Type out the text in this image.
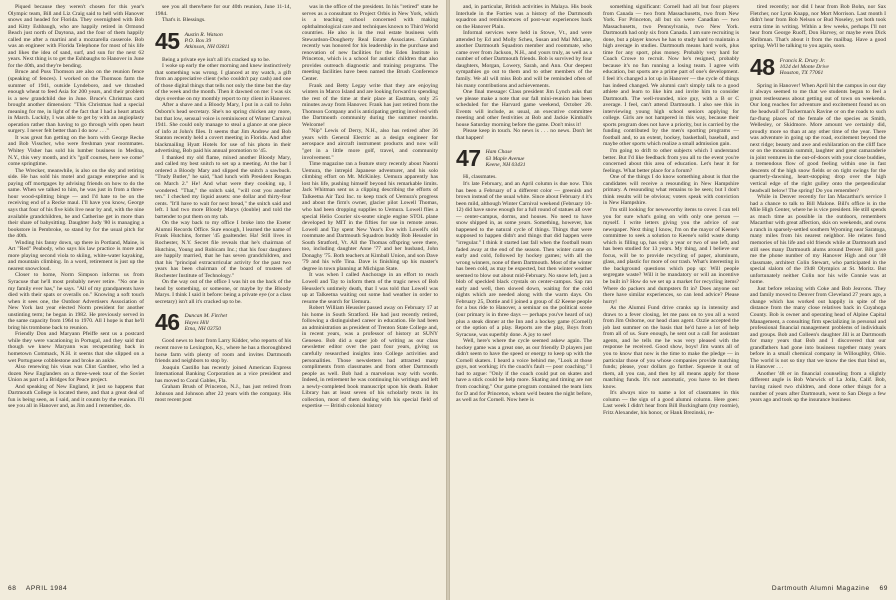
Piqued because they weren't chosen for this year's Olympic team, Bill and Liz Craig said to hell with Hanover snows and headed for Florida. They overnighted with Bob and Kitty Eshbaugh, who are happily retired in Ormond Beach just north of Daytona, and the four of them happily called me after a martini and a mozzarella casserole. Bob was an engineer with Florida Telephone for most of his life and likes the idea of sand, surf, and sun for the next 62 years. Next thing is to get the Eshbaughs to Hanover in June for the 40th, and they're bending.

Bruce and Puss Thomson are also on the reunion fence (speaking of fences). I worked on the Thomson farm the summer of 1941, outside Lyndeboro, and we thrashed enough wheat to feed Asia for 200 years, and their problem is a new grandchild due in June. Bruce's Christmas card brought another dimension: "This Christmas had a special meaning for me, in light of the fact that I had a heart attack in March. Luckily, I was able to get by with an angioplasty operation rather than having to go through with open heart surgery. I never felt better than I do now . . ."

It was great fun getting on the horn with George Recke and Bob Visscher, who were freshman year roommates. Whitey Visher has sold his lumber business in Medina, N.Y., this very month, and it's "golf courses, here we come" come springtime.

The Wrecker, meanwhile, is also on the sky and retiring side. He has sold his motel and garage enterprise and is paying off mortgages by advising friends on how to do the same. When we talked to him, he was just in from a three-hour wood-splitting binge — and I'd hate to be on the receiving end of a Recke maul. I'll have you know, George says that four of his five kids live near by and, with the nine available grandchildren, he and Catherine get in more than their share of babysitting. Daughter Judy '80 is managing a bookstore in Pembroke, so stand by for the usual pitch for the 40th.

Winding his fanny down, up there in Portland, Maine, is Art "Red" Peabody, who says his law practice is more and more playing second viola to skiing, white-water kayaking, and mountain climbing. In a word, retirement is just up the nearest snowcloud.

Closer to home, Norm Simpson informs us from Syracuse that he'll most probably never retire. "No one in my family ever has," he says. "All of my grandparents have died with their spats or overalls on." Knowing a soft touch when it sees one, the Outdoor Advertisers Association of New York last year elected Norm president for another unstinting term; he began in 1982. He previously served in the same capacity from 1964 to 1970. All I hope is that he'll bring his trombone back to reunion.

Friendly Don and Maryann Pfeiffe sent us a postcard while they were vacationing in Portugal, and they said that though we knew Maryann was recuperating back in hometown Commack, N.H. it seems that she slipped on a wet Portuguese cobblestone and broke an ankle.

Also renewing his visas was Clint Gardner, who led a dozen New Englanders on a three-week tour of the Soviet Union as part of a Bridges for Peace project.

And speaking of New England, it just so happens that Dartmouth College is located there, and that a great deal of fun is being seen, as I said, and it counts by the reunion. I'll see you all in Hanover and, as Jim and I remember, do.

see you all there/here for our 40th reunion, June 11-14, 1984.

That's it. Blessings.

45 Austin R. Watson
P.O. Box 39
Atkinson, NH 03811

Being a private eye isn't all it's cracked up to be.

I woke up early the other morning and knew instinctively that something was wrong. I glanced at my watch, a gift from an appreciative client (who couldn't pay cash) and one of those digital things that tells not only the time but the day of the week and the month. Then it dawned on me: I was six days overdue on my monthly report to my client in Hanover.

After a shave and a Bloody Mary, I put in a call to John Osborn's head secretary. She's no spring chicken any more, but that low, sensual voice is reminiscent of Winter Carnival 1941. She could only manage to steal a glance at one piece of info at John's files. It seems that Jim Andrew and Bob Stanton recently held a covert meeting in Florida. And after blackmailing Hyatt Hotels for use of his photo in their advertising, Bob paid his annual promotion to '45.

I thanked my old flame, mixed another Bloody Mary, and called my best snitch to set up a meeting. At the bar I ordered a Bloody Mary and slipped the snitch a sawbuck. "Trudy Butler," he said, "had lunch with President Reagan on March 2." He! And what were they cooking up, I wondered. "That," the snitch said, "will cost you another ten." I checked my liquid assets: one dollar and thirty-four cents. "It'll have to wait for next bread," the snitch said and left. I had two more Bloody Marys (double) and told the bartender to put them on my tab.

On the way back to my office I broke into the Exeter Alumni Records Office. Sure enough, I learned the name of Frank Hutchins, former '45 goaltender. Ha! Still lives in Rochester, N.Y. Secret file reveals that he's chairman of Hutchins, Young and Rubicam Inc.; that his four daughters are happily married, that he has seven grandchildren, and that his "principal extracurricular activity for the past two years has been chairman of the board of trustees of Rochester Institute of Technology."

On the way out of the office I was hit on the back of the head by something, or someone, or maybe by the Bloody Marys. I think I said it before: being a private eye (or a class secretary) isn't all it's cracked up to be.

46 Duncan M. Fitchet
Hayes Hill
Etna, NH 03750

Good news to hear from Larry Kidder, who reports of his recent move to Lexington, Ky., where he has a thoroughbred horse farm with plenty of room and invites Dartmouth friends and neighbors to stop by.

Joaquin Castillo has recently joined American Express International Banking Corporation as a vice president and has moved to Coral Gables, Fla.

Graham Brush of Princeton, N.J., has just retired from Johnson and Johnson after 22 years with the company. His most recent post

was in the office of the president. In his "retired" state he serves as a consultant to Project Orbis in New York, which is a teaching school concerned with making ophthalmological care and techniques known to Third World countries. He also is in the real estate business with Stewardson-Dougherty Real Estate Associates. Graham recently was honored for his leadership in the purchase and renovation of new facilities for the Eden Institute in Princeton, which is a school for autistic children that also provides outreach diagnostic and training programs. The meeting facilities have been named the Brush Conference Center.

Frank and Betty Legay write that they are enjoying winters in Marco Island and are looking forward to spending the rest of the time at their place at Eastman, only 25 minutes away from Hanover. Frank has just retired from the Thomson Company and is anticipating getting involved with the Dartmouth community during the summer months. Welcome!

"Nip" Lewis of Derry, N.H., also has retired after 36 years with General Electric as a design engineer for aerospace and aircraft instrument products and now will "get in a little more golf, travel, and community involvement."

Time magazine ran a feature story recently about Naomi Uemura, the intrepid Japanese adventurer, and his solo climbing effort on Mt. McKinley. Uemura apparently has lost his life, pushing himself beyond his remarkable limits. Jack Whitman sent us a clipping describing the efforts of Talkeetna Air Taxi Inc. to keep track of Uemura's progress and about the firm's owner, glacier pilot Lowell Thomas, who had been dropping supplies to Uemura. Lowell flies a special Helio Courier six-seater single engine STOL plane developed by MIT in the fifties for use in remote areas. Lowell and Tay spent New Year's Eve with Lowell's old roommate and Dartmouth Squadron buddy Bob Heussler in South Stratford, Vt. All the Thomas offspring were there, too, including daughter Anne '77 and her husband, John Donaghy '75. Both teachers at Kimball Union, and son Dave '79 and his wife Tina. Dave is finishing up his master's degree in town planning at Michigan State.

It was when I called Anchorage in an effort to reach Lowell and Tay to inform them of the tragic news of Bob Heussler's untimely death, that I was told that Lowell was up at Talkeetna waiting out some bad weather in order to resume the search for Uemura.

Robert William Heussler passed away on February 17 at his home in South Stratford. He had just recently retired, following a distinguished career in education. He had been an administration as president of Trenton State College and, in recent years, was a professor of history at SUNY Geneseo. Bob did a super job of writing as our class newsletter editor over the past four years, giving us carefully researched insights into College activities and personalities. Those newsletters had attracted many compliments from classmates and from other Dartmouth people as well. Bob had a marvelous way with words. Indeed, in retirement he was continuing his writings and left a newly-completed book manuscript upon his death. Baker Library has at least seven of his scholarly texts in its collection, most of them dealing with his special field of expertise — British colonial history

68 APRIL 1984

and, in particular, British activities in Malaya. His book Interlude in the Forties was a history of the Dartmouth squadron and reminiscences of post-war experiences back on the Hanover Plain.

Informal services were held in Stowe, Vt., and were attended by Ed and Molly Scheu, Susan and Mal McLane, another Dartmouth Squadron member and roommate, who came over from Jackson, N.H., and yours truly, as well as a number of other Dartmouth friends. Bob is survived by four daughters, Morgan, Lowery, Sarah, and Ann. Our deepest sympathies go out to them and to other members of the family. We all will miss Bob and will be reminded often of his many contributions and achievements.

One final message: Class president Jim Lynch asks that we please make a note that our fall mini-reunion has been scheduled for the Harvard game weekend, October 20. Events will include, as usual, an executive committee meeting and other festivities at Bob and Jackie Kimball's house Saturday morning before the game. Don't miss it!

Please keep in touch. No news is . . . no news. Don't let that happen!

47 Ham Chase
63 Maple Avenue
Keene, NH 03431

Hi, classmates.

It's late February, and an April column is due now. This has been a February of a different color — greenish and brown instead of the usual white. Since about February 4 it's been mild, although Winter Carnival weekend (February 10-12) did have snow enough for a full round of statues all over — center-campus, dorms, and houses. No need to have snow shipped in, as some years. Something, however, has happened to the natural cycle of things. Things that were supposed to happen didn't and things that did happen were "irregular." I think it started last fall when the football team faded away at the end of the season. Then winter came on early and cold, followed by hockey games; with all the wrong winners, none of them Dartmouth. Most of the winter has been cold, as may be expected, but then winter weather seemed to blow out about mid-February. No snow left, just a blob of speckled black crystals on center-campus. Sap ran early and well, then slowed down, waiting for the cold nights which are needed along with the warm days. On February 25, Dottie and I joined a group of 42 Keene people for a bus ride to Hanover, a seminar on the political scene (our primary is in three days — perhaps you've heard of us) plus a steak dinner at the Inn and a hockey game (Cornell) or the option of a play. Reports are the play, Boys from Syracuse, was superbly done. A joy to see!

Well, here's where the cycle seemed askew again. The hockey game was a great one, as our friendly D players just didn't seem to have the speed or energy to keep up with the Cornell skaters. I heard a voice behind me, "Look at those guys, not working; it's the coach's fault — poor coaching." I had to argue: "Only if the coach could put on skates and have a stick could he help more. Skating and timing are not from coaching." Our game program contained the team lists for D and for Princeton, whom we'd beaten the night before, as well as for Cornell. Now here is

something significant: Cornell had all but four players from Canada — two from Massachusetts, two from New York. For Princeton, all but six were Canadian — two Massachusetts, two Pennsylvania, two New York. Dartmouth had only six from Canada. I am sure recruiting is done, but a player knows he has to study hard to maintain a high average in studies. Dartmouth means hard work, plus time for any sport, plus money. Probably very hard for Coach Crowe to recruit. Now he's resigned, probably because it's no fun running a losing team. I agree with education, but sports are a prime part of one's development. I feel it's changed a lot up in Hanover — the cycle of things has indeed changed. We alumni can't simply talk to a good athlete and learn to like him and invite him to consider Dartmouth. The well-rounded, nice guy, with a B or C average. I feel, can't attend Dartmouth. I also see this in interviewing young high school seniors applying for college. Girls are not hampered in this way, because their sports program does not have a priority, but is carried by the funding contributed by the men's sporting programs — football and, to an extent, hockey, basketball, baseball, and maybe other sports which realize a small admission gain.

I'm going to drift to other subjects which I understand better. But I'd like feedback from you all to the event you're concerned about this area of education. Let's hear it for feelings. What better place for a forum?

One of the things I do know something about is that the candidates will receive a resounding in New Hampshire primary. A resounding what remains to be seen; but I don't think results will be obvious; voters speak with conviction in New Hampshire.

I'm still looking for newsworthy items to cover. I can tell you for sure what's going on with only one person — myself. I write letters giving you the advice of our newspaper. Next thing I know, I'm on the mayor of Keene's committee to seek a solution to Keene's solid waste dump which is filling up, has only a year or two of use left, and has been studied for 13 years. My thing, and I believe our focus, will be to provide recycling of paper, aluminum, glass, and plastic for more of our trash. What's interesting in the background questions which pop up: Will people segregate waste? Will it be mandatory or will an incentive be built in? How do we set up a market for recycling items? Where do packers and dumpsters fit in? Does anyone out there have similar experiences, so can lend advice? Please hurry!

As the Alumni Fund drive cranks up in intensity and draws to a fever closing, let me pass on to you all a word from Jim Osborne, our head class agent. Ozzie accepted the job last summer on the basis that he'd have a lot of help from all of us. Sure enough, he sent out a call for assistant agents, and he tells me he was very pleased with the response he received. Good show, boys! Jim wants all of you to know that now is the time to make the pledge — in particular those of you whose companies provide matching funds; please, your dollars go further. Squeeze it out of them, all you can, and then by all means apply for those matching funds. It's not automatic, you have to let them know.

It's always nice to name a lot of classmates in this column — the sign of a good alumni column. Here goes: Last week I didn't hear from Bill Buckingham (my roomie), Fritz Alexander, his honor, or Hank Brezinski, re-

tired recently; nor did I hear from Bob Bohn, nor Sax Fletcher, nor Lynn Knapp, nor Mort Morrison. Last month I didn't hear from Bob Nelson or Bud Noseley, yet both took extra time in writing. Within a few weeks, perhaps I'll not hear from George Ruoff, Don Harvey, or maybe even Dick Shribman. That's about it from the mailbag. Have a good spring. We'll be talking to you again, soon.

48 Francis R. Drury Jr.
1024 del Monte Drive
Houston, TX 77061

Spring in Hanover! When April hit the campus in our day it always seemed to me that we students began to feel a great restlessness about getting out of town on weekends. Our long reaches for adventure and excitement found us on the headwall of Tuckerman's Ravine or on the roads to such far-flung places of the female of the species as Smith, Wellesley, or Skidmore. More amount we certainly did, proudly more so than at any other time of the year. There was adventure in going up the road, excitement beyond the next ridge; beauty and awe and exhilaration on the cliff face or on the mountain summit, laughter and great camaraderie in joint ventures in the out-of-doors with your close buddies, a tremendous flow of good feeling within one in fast descents of the high snow fields or on tight swings for the quarterly-dawning, heart-stopping drop over the high vertical edge of the right gulley onto the perpendicular headwall below! The spring! Do you remember?

While in Denver recently for Ian Macarthur's service I had a chance to talk to Bill Malone. Bill's office is in the Mile High Center, where he is vice president. He still spends as much time as possible in the outdoors, remembers Macarthur with great affection, skis on weekends, and owns a ranch in sparsely-settled southern Wyoming near Saratoga, many miles from his nearest neighbor. He relates fond memories of his life and old friends while at Dartmouth and still sees many Dartmouth alums around Denver. Bill gave me the phone number of my Hanover High and our '48 classmate, architect Colin Stewart, who participated in the special slalom of the 1948 Olympics at St. Moritz. But unfortunately neither Colin nor his wife Connie was at home.

Just before relaxing with Coke and Bob Jeavons. They and family moved to Denver from Cleveland 27 years ago, a change which has worked out happily in spite of the distance from the many close relatives back in Cuyahoga County. Bob is owner and operating head of Alpine Capital Management, a consulting firm specializing in personal and professional financial management problems of individuals and groups. Bob and Colleen's daughter Jill is at Dartmouth for many years that Bob and I discovered that our grandfathers had gone into business together many years before in a small chemical company in Willoughby, Ohio. The world is not so tiny that we know the ties that bind us, in Hanover . . .

Another '48 er in financial counseling from a slightly different angle is Bob Warwick of La Jolla, Calif. Bob, having raised two children, and done other things for a number of years after Dartmouth, went to San Diego a few years ago and took up the insurance business

Dartmouth Alumni Magazine 69
